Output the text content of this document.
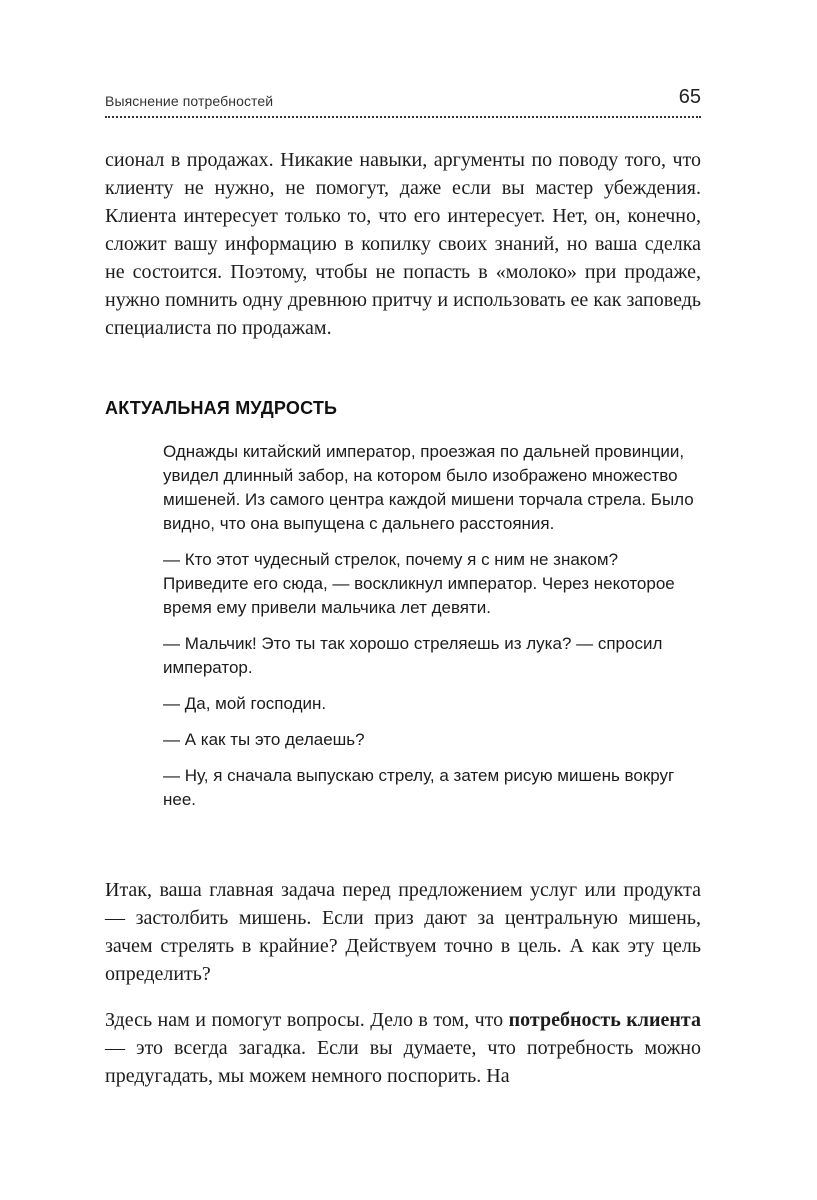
Выяснение потребностей	65

сионал в продажах. Никакие навыки, аргументы по поводу того, что клиенту не нужно, не помогут, даже если вы мастер убеждения. Клиента интересует только то, что его интересует. Нет, он, конечно, сложит вашу информацию в копилку своих знаний, но ваша сделка не состоится. Поэтому, чтобы не попасть в «молоко» при продаже, нужно помнить одну древнюю притчу и использовать ее как заповедь специалиста по продажам.

АКТУАЛЬНАЯ МУДРОСТЬ

Однажды китайский император, проезжая по дальней провинции, увидел длинный забор, на котором было изображено множество мишеней. Из самого центра каждой мишени торчала стрела. Было видно, что она выпущена с дальнего расстояния.

— Кто этот чудесный стрелок, почему я с ним не знаком? Приведите его сюда, — воскликнул император. Через некоторое время ему привели мальчика лет девяти.

— Мальчик! Это ты так хорошо стреляешь из лука? — спросил император.

— Да, мой господин.

— А как ты это делаешь?

— Ну, я сначала выпускаю стрелу, а затем рисую мишень вокруг нее.

Итак, ваша главная задача перед предложением услуг или продукта — застолбить мишень. Если приз дают за центральную мишень, зачем стрелять в крайние? Действуем точно в цель. А как эту цель определить?

Здесь нам и помогут вопросы. Дело в том, что потребность клиента — это всегда загадка. Если вы думаете, что потребность можно предугадать, мы можем немного поспорить. На
